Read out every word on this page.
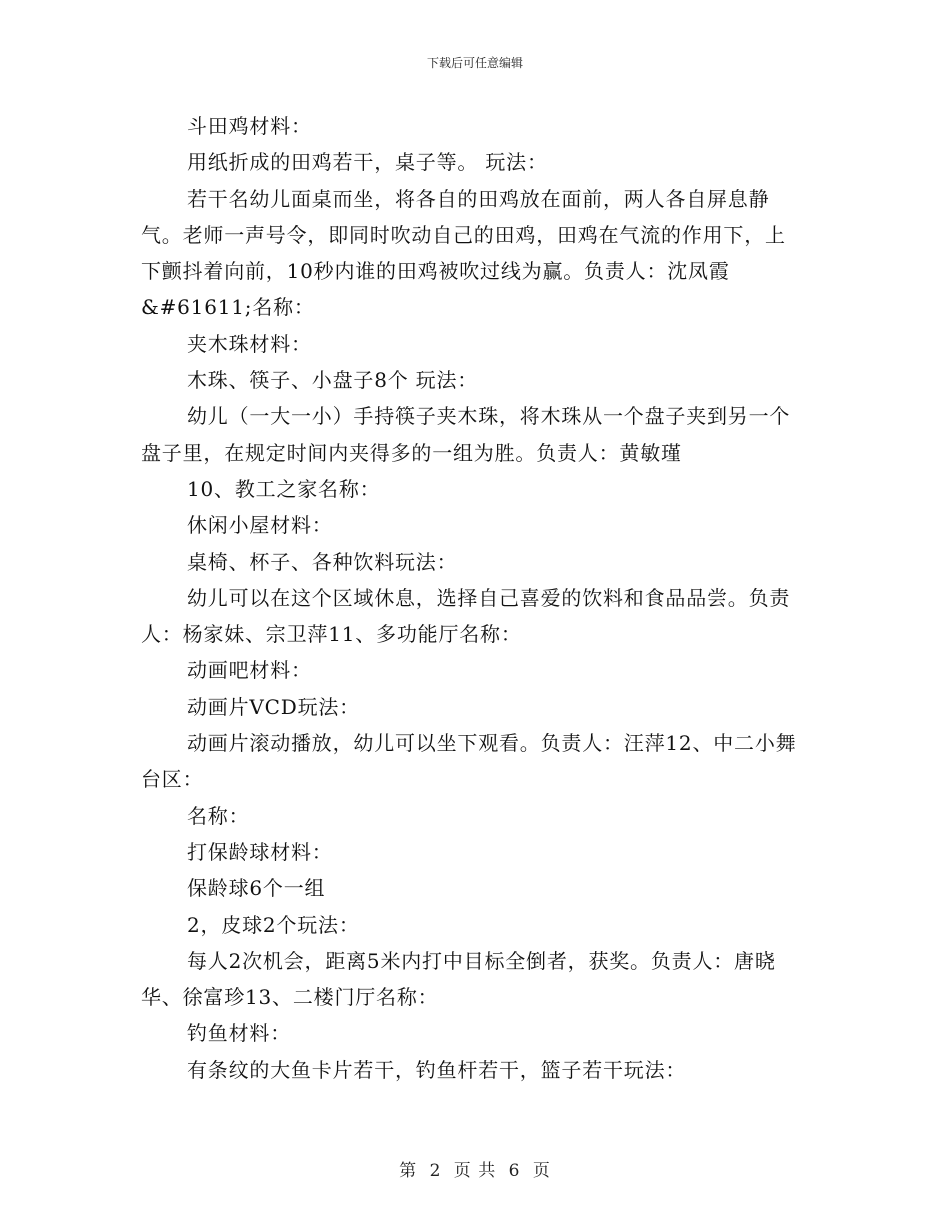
下载后可任意编辑

斗田鸡材料：

用纸折成的田鸡若干，桌子等。 玩法：

若干名幼儿面桌而坐，将各自的田鸡放在面前，两人各自屏息静气。老师一声号令，即同时吹动自己的田鸡，田鸡在气流的作用下，上下颤抖着向前，10秒内谁的田鸡被吹过线为赢。负责人：沈凤霞&#61611;名称：

夹木珠材料：

木珠、筷子、小盘子8个 玩法：

幼儿（一大一小）手持筷子夹木珠，将木珠从一个盘子夹到另一个盘子里，在规定时间内夹得多的一组为胜。负责人：黄敏瑾

10、教工之家名称：

休闲小屋材料：

桌椅、杯子、各种饮料玩法：

幼儿可以在这个区域休息，选择自己喜爱的饮料和食品品尝。负责人：杨家妹、宗卫萍11、多功能厅名称：

动画吧材料：

动画片VCD玩法：

动画片滚动播放，幼儿可以坐下观看。负责人：汪萍12、中二小舞台区：

名称：

打保龄球材料：

保龄球6个一组

2，皮球2个玩法：

每人2次机会，距离5米内打中目标全倒者，获奖。负责人：唐晓华、徐富珍13、二楼门厅名称：

钓鱼材料：

有条纹的大鱼卡片若干，钓鱼杆若干，篮子若干玩法：

第 2 页 共 6 页
